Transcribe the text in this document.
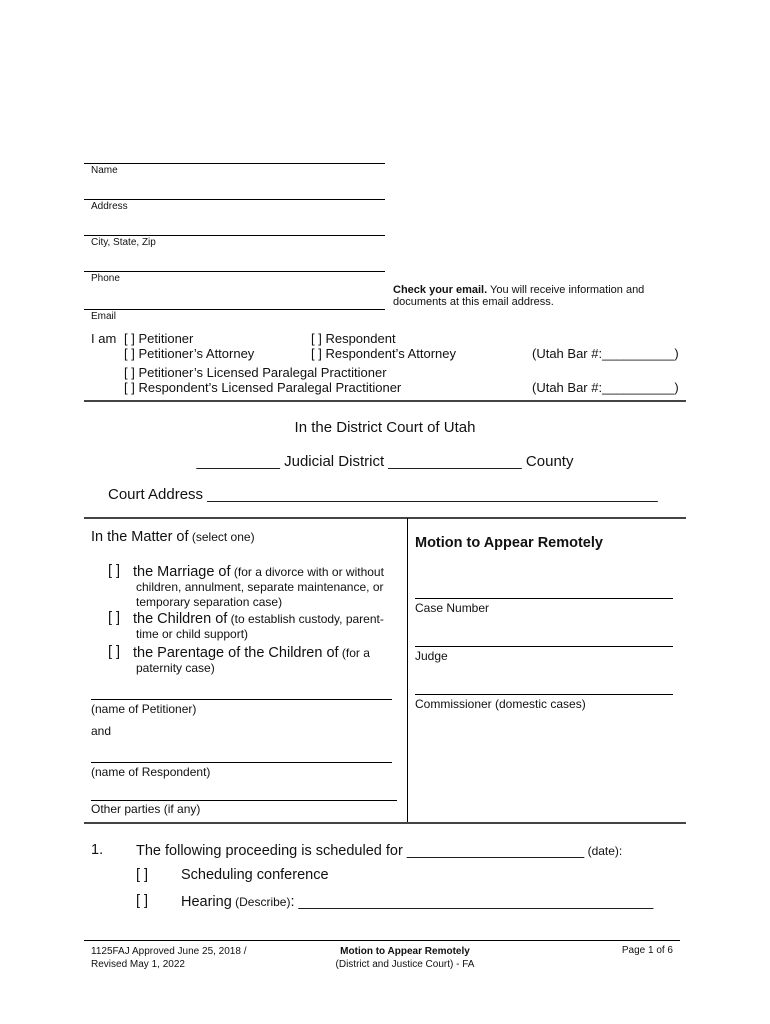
Name
Address
City, State, Zip
Phone
Email
Check your email. You will receive information and
documents at this email address.
I am [ ] Petitioner	[ ] Respondent
[ ] Petitioner’s Attorney	[ ] Respondent’s Attorney	(Utah Bar #:__________)
[ ] Petitioner’s Licensed Paralegal Practitioner
[ ] Respondent’s Licensed Paralegal Practitioner	(Utah Bar #:__________)
In the District Court of Utah
__________ Judicial District ________________ County
Court Address ______________________________________________________
In the Matter of (select one)
[ ] the Marriage of (for a divorce with or without
children, annulment, separate maintenance, or
temporary separation case)
[ ] the Children of (to establish custody, parent-
time or child support)
[ ] the Parentage of the Children of (for a
paternity case)
(name of Petitioner)
and
(name of Respondent)
Other parties (if any)
Motion to Appear Remotely
Case Number
Judge
Commissioner (domestic cases)
1. The following proceeding is scheduled for ______________________ (date):
[ ] Scheduling conference
[ ] Hearing (Describe): ____________________________________________
1125FAJ Approved June 25, 2018 /
Revised May 1, 2022
Motion to Appear Remotely
(District and Justice Court) - FA
Page 1 of 6
